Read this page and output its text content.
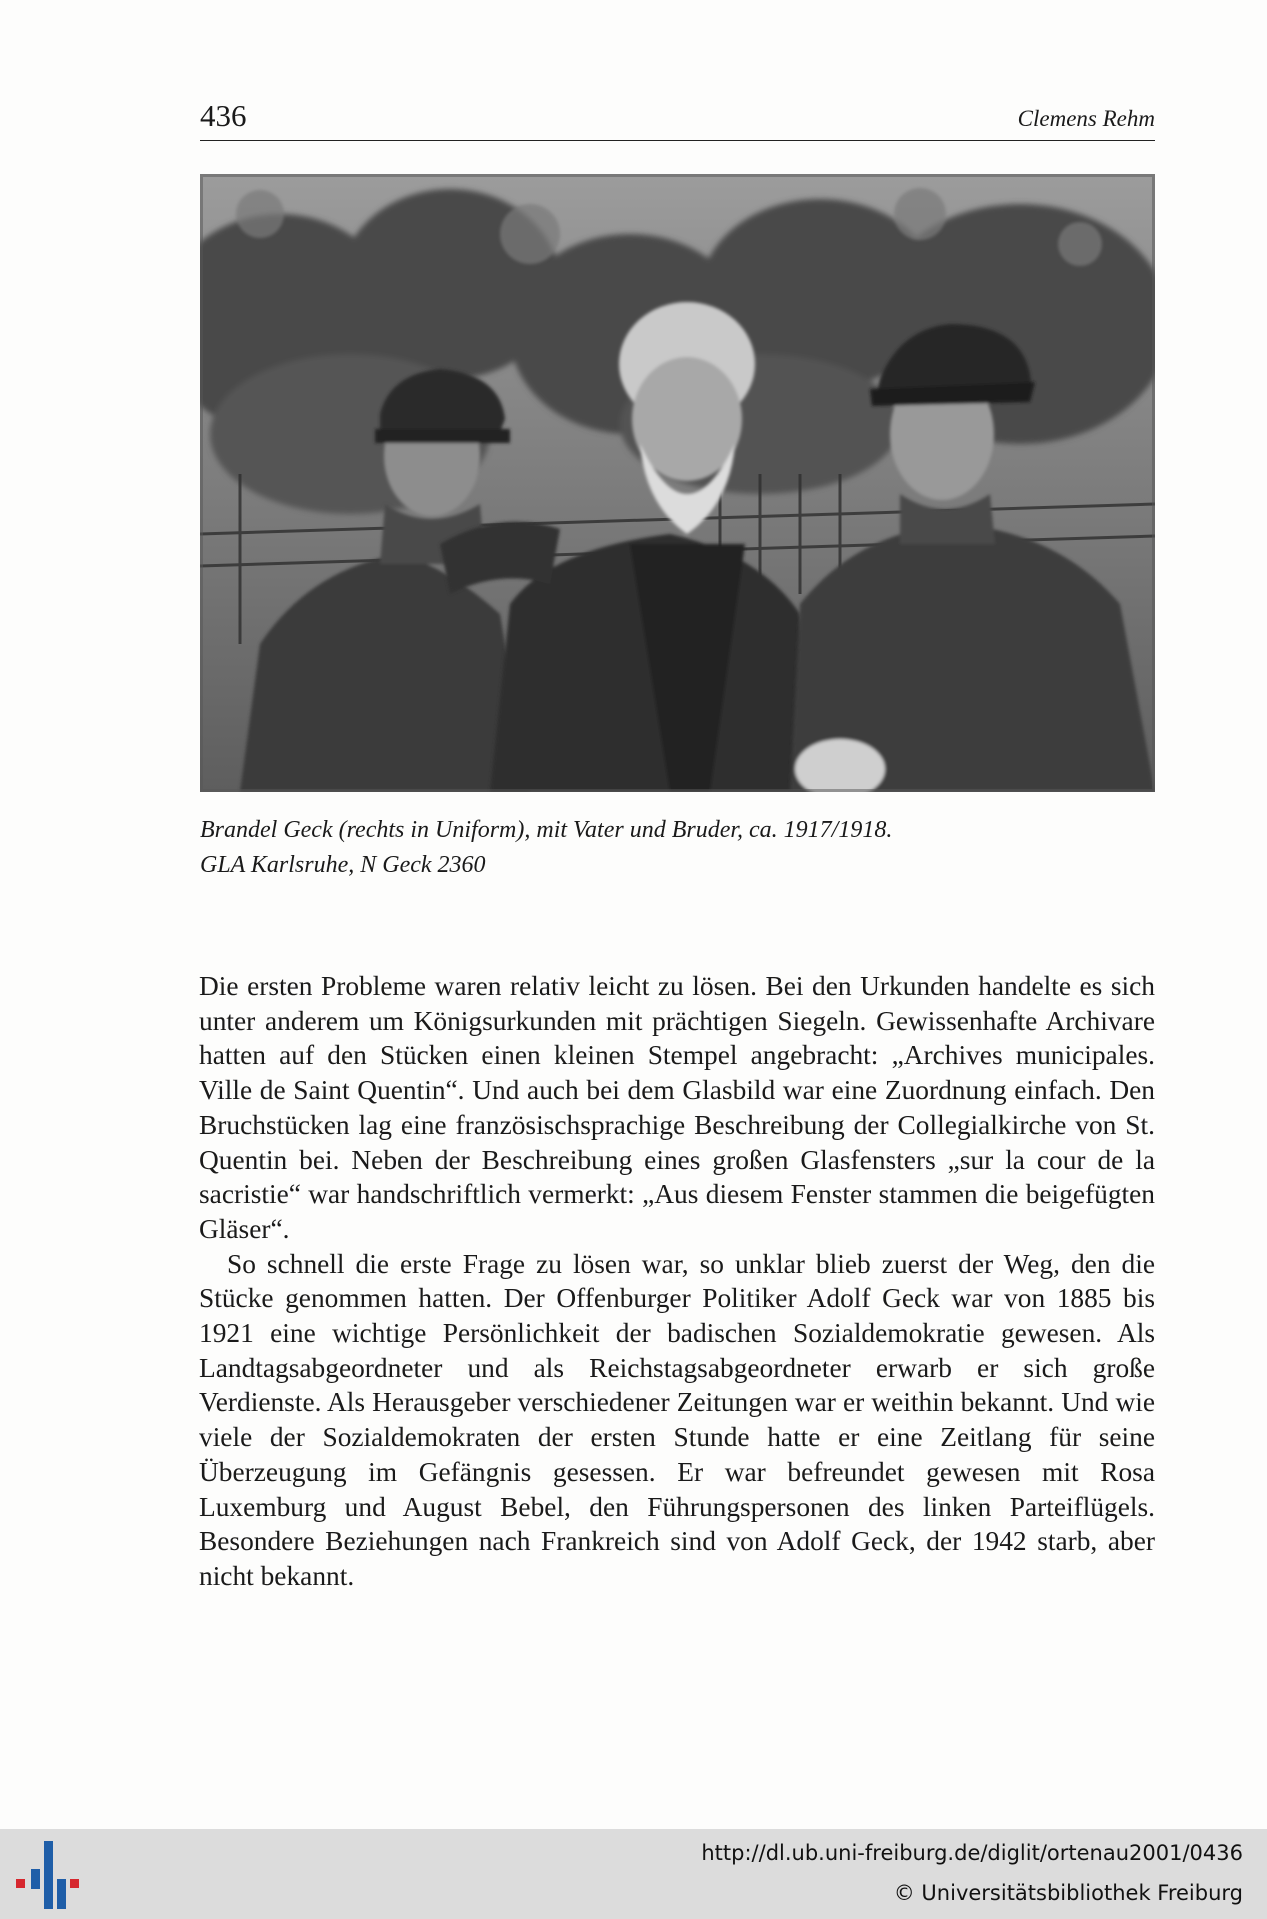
436	Clemens Rehm
Brandel Geck (rechts in Uniform), mit Vater und Bruder, ca. 1917/1918.
GLA Karlsruhe, N Geck 2360

Die ersten Probleme waren relativ leicht zu lösen. Bei den Urkunden handelte es sich unter anderem um Königsurkunden mit prächtigen Siegeln. Gewissenhafte Archivare hatten auf den Stücken einen kleinen Stempel angebracht: „Archives municipales. Ville de Saint Quentin“. Und auch bei dem Glasbild war eine Zuordnung einfach. Den Bruchstücken lag eine französischsprachige Beschreibung der Collegialkirche von St. Quentin bei. Neben der Beschreibung eines großen Glasfensters „sur la cour de la sacristie“ war handschriftlich vermerkt: „Aus diesem Fenster stammen die beigefügten Gläser“.

So schnell die erste Frage zu lösen war, so unklar blieb zuerst der Weg, den die Stücke genommen hatten. Der Offenburger Politiker Adolf Geck war von 1885 bis 1921 eine wichtige Persönlichkeit der badischen Sozialdemokratie gewesen. Als Landtagsabgeordneter und als Reichstagsabgeordneter erwarb er sich große Verdienste. Als Herausgeber verschiedener Zeitungen war er weithin bekannt. Und wie viele der Sozialdemokraten der ersten Stunde hatte er eine Zeitlang für seine Überzeugung im Gefängnis gesessen. Er war befreundet gewesen mit Rosa Luxemburg und August Bebel, den Führungspersonen des linken Parteiflügels. Besondere Beziehungen nach Frankreich sind von Adolf Geck, der 1942 starb, aber nicht bekannt.

http://dl.ub.uni-freiburg.de/diglit/ortenau2001/0436
© Universitätsbibliothek Freiburg
